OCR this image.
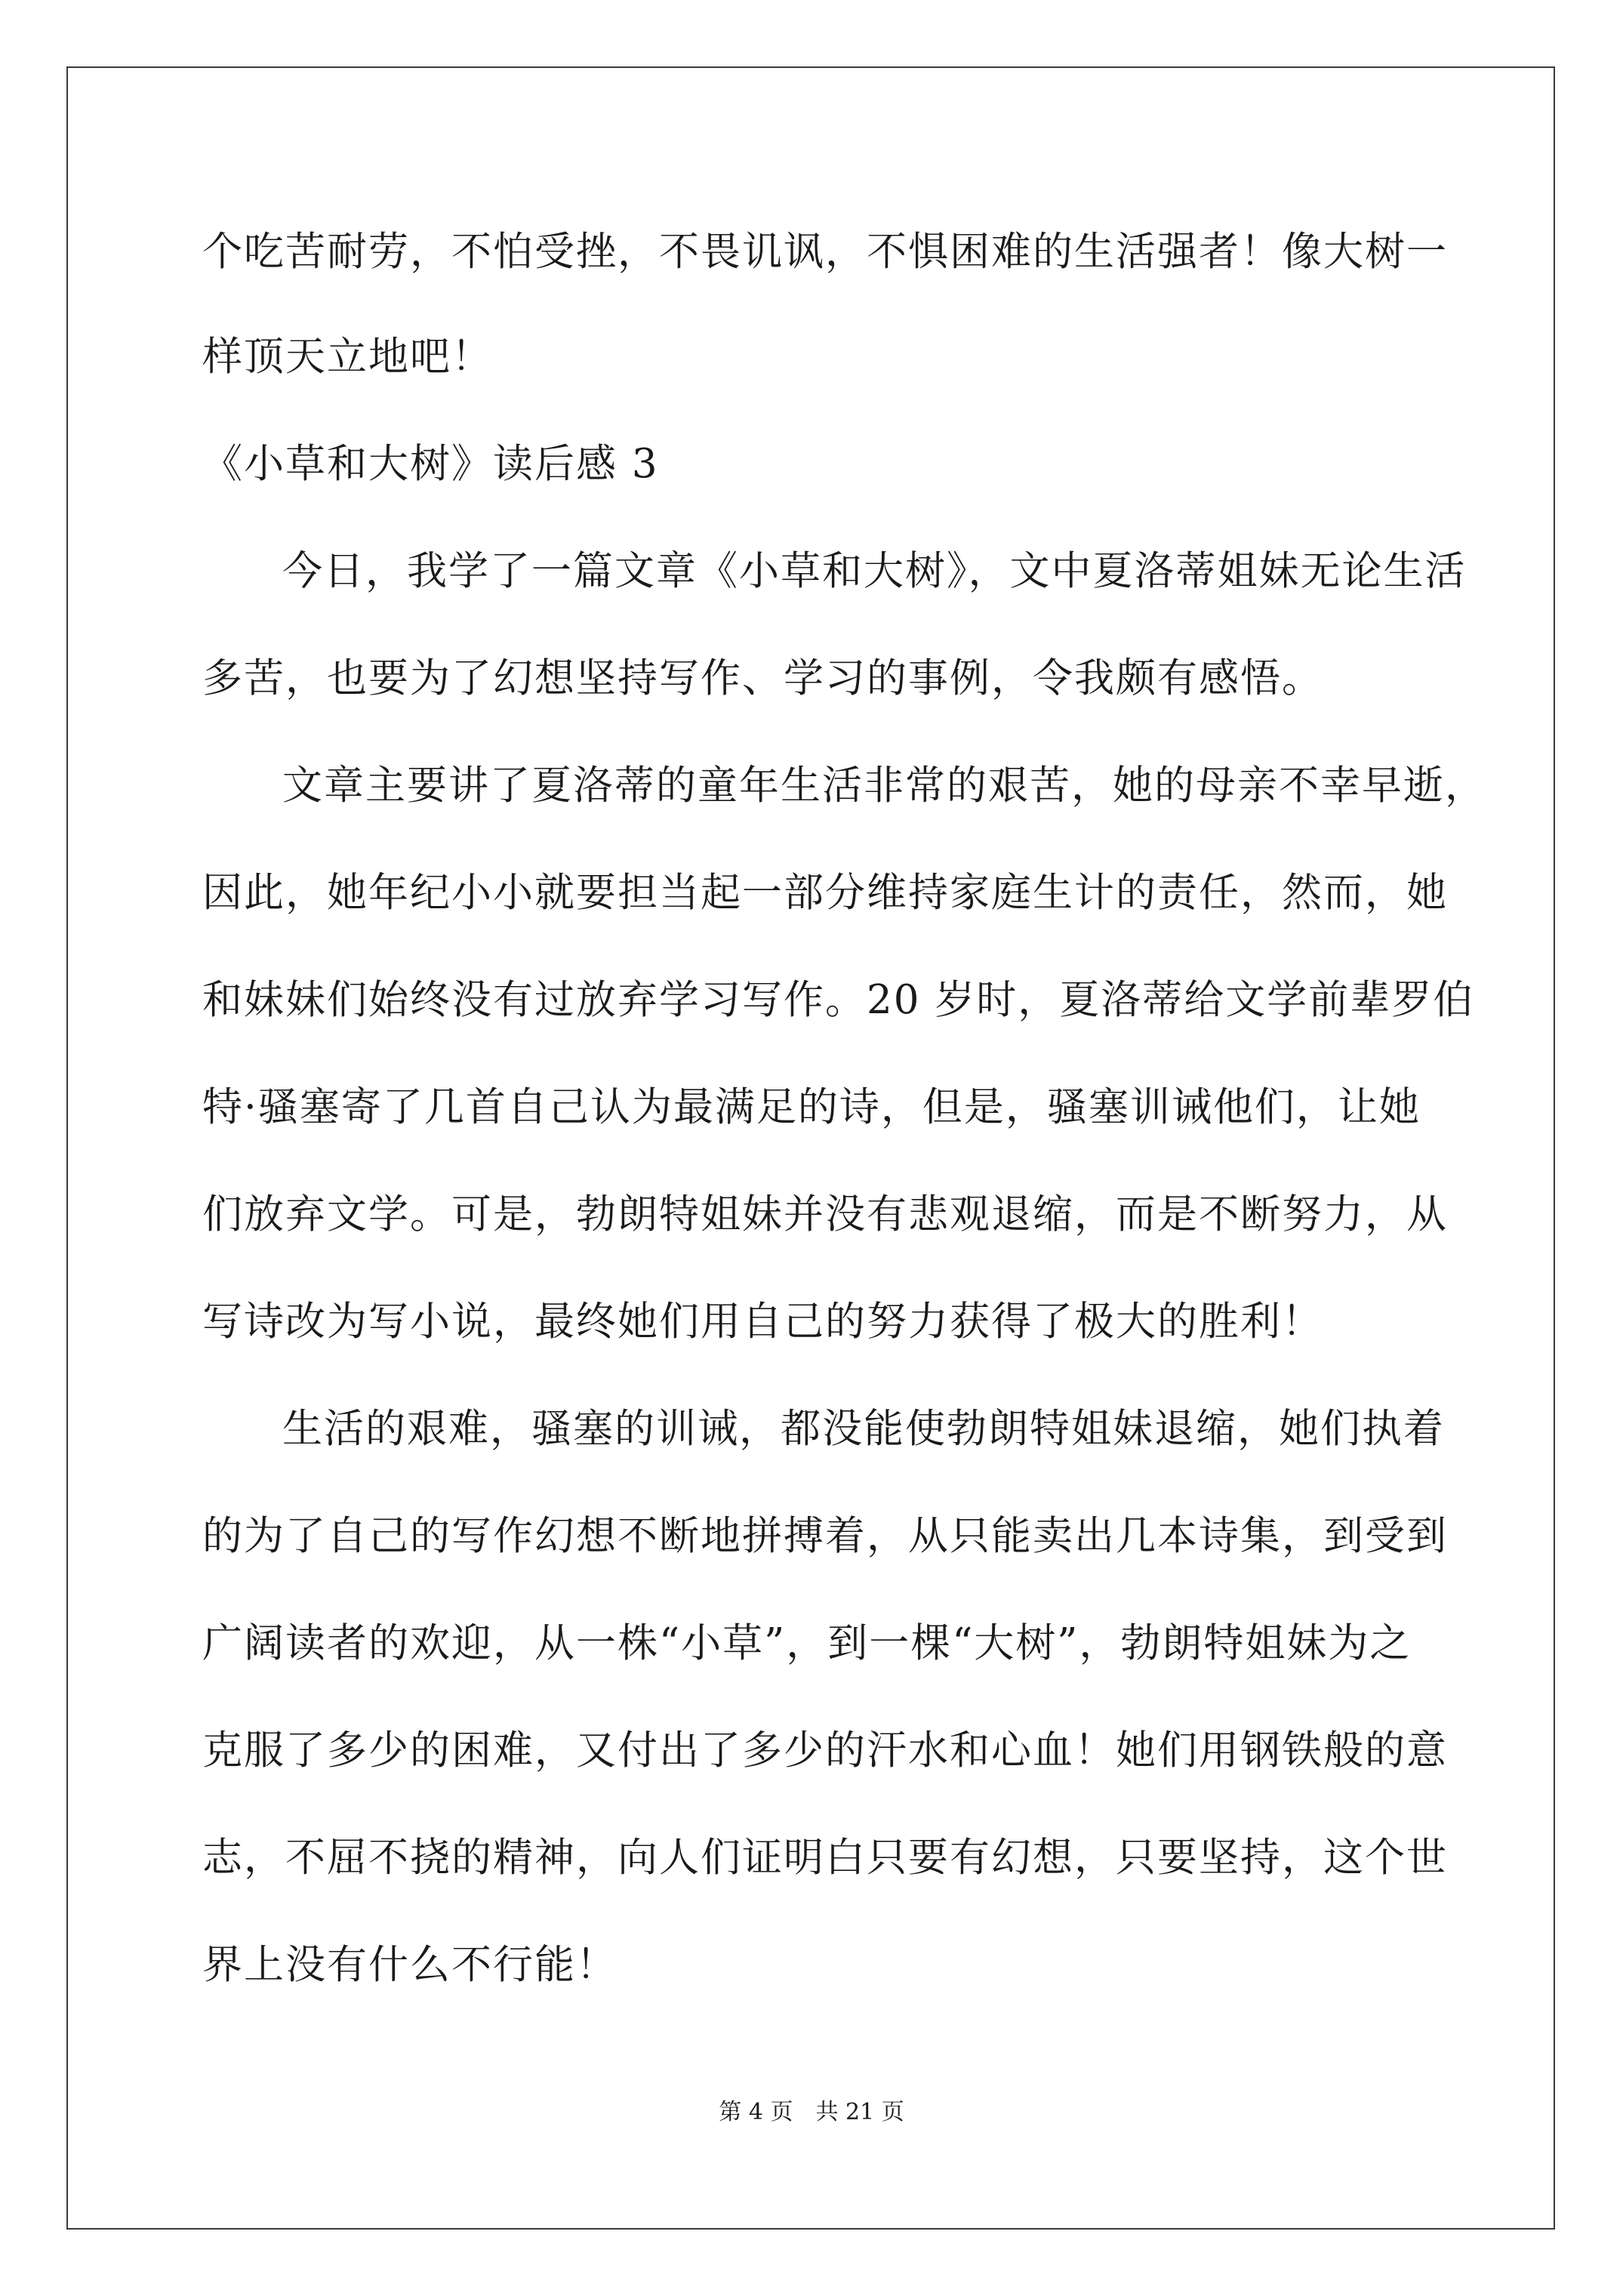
个吃苦耐劳，不怕受挫，不畏讥讽，不惧困难的生活强者！像大树一

样顶天立地吧！

《小草和大树》读后感 3

今日，我学了一篇文章《小草和大树》，文中夏洛蒂姐妹无论生活

多苦，也要为了幻想坚持写作、学习的事例，令我颇有感悟。

文章主要讲了夏洛蒂的童年生活非常的艰苦，她的母亲不幸早逝，

因此，她年纪小小就要担当起一部分维持家庭生计的责任，然而，她

和妹妹们始终没有过放弃学习写作。20 岁时，夏洛蒂给文学前辈罗伯

特·骚塞寄了几首自己认为最满足的诗，但是，骚塞训诫他们，让她

们放弃文学。可是，勃朗特姐妹并没有悲观退缩，而是不断努力，从

写诗改为写小说，最终她们用自己的努力获得了极大的胜利！

生活的艰难，骚塞的训诫，都没能使勃朗特姐妹退缩，她们执着

的为了自己的写作幻想不断地拼搏着，从只能卖出几本诗集，到受到

广阔读者的欢迎，从一株“小草”，到一棵“大树”，勃朗特姐妹为之

克服了多少的困难，又付出了多少的汗水和心血！她们用钢铁般的意

志，不屈不挠的精神，向人们证明白只要有幻想，只要坚持，这个世

界上没有什么不行能！

第 4 页 共 21 页
